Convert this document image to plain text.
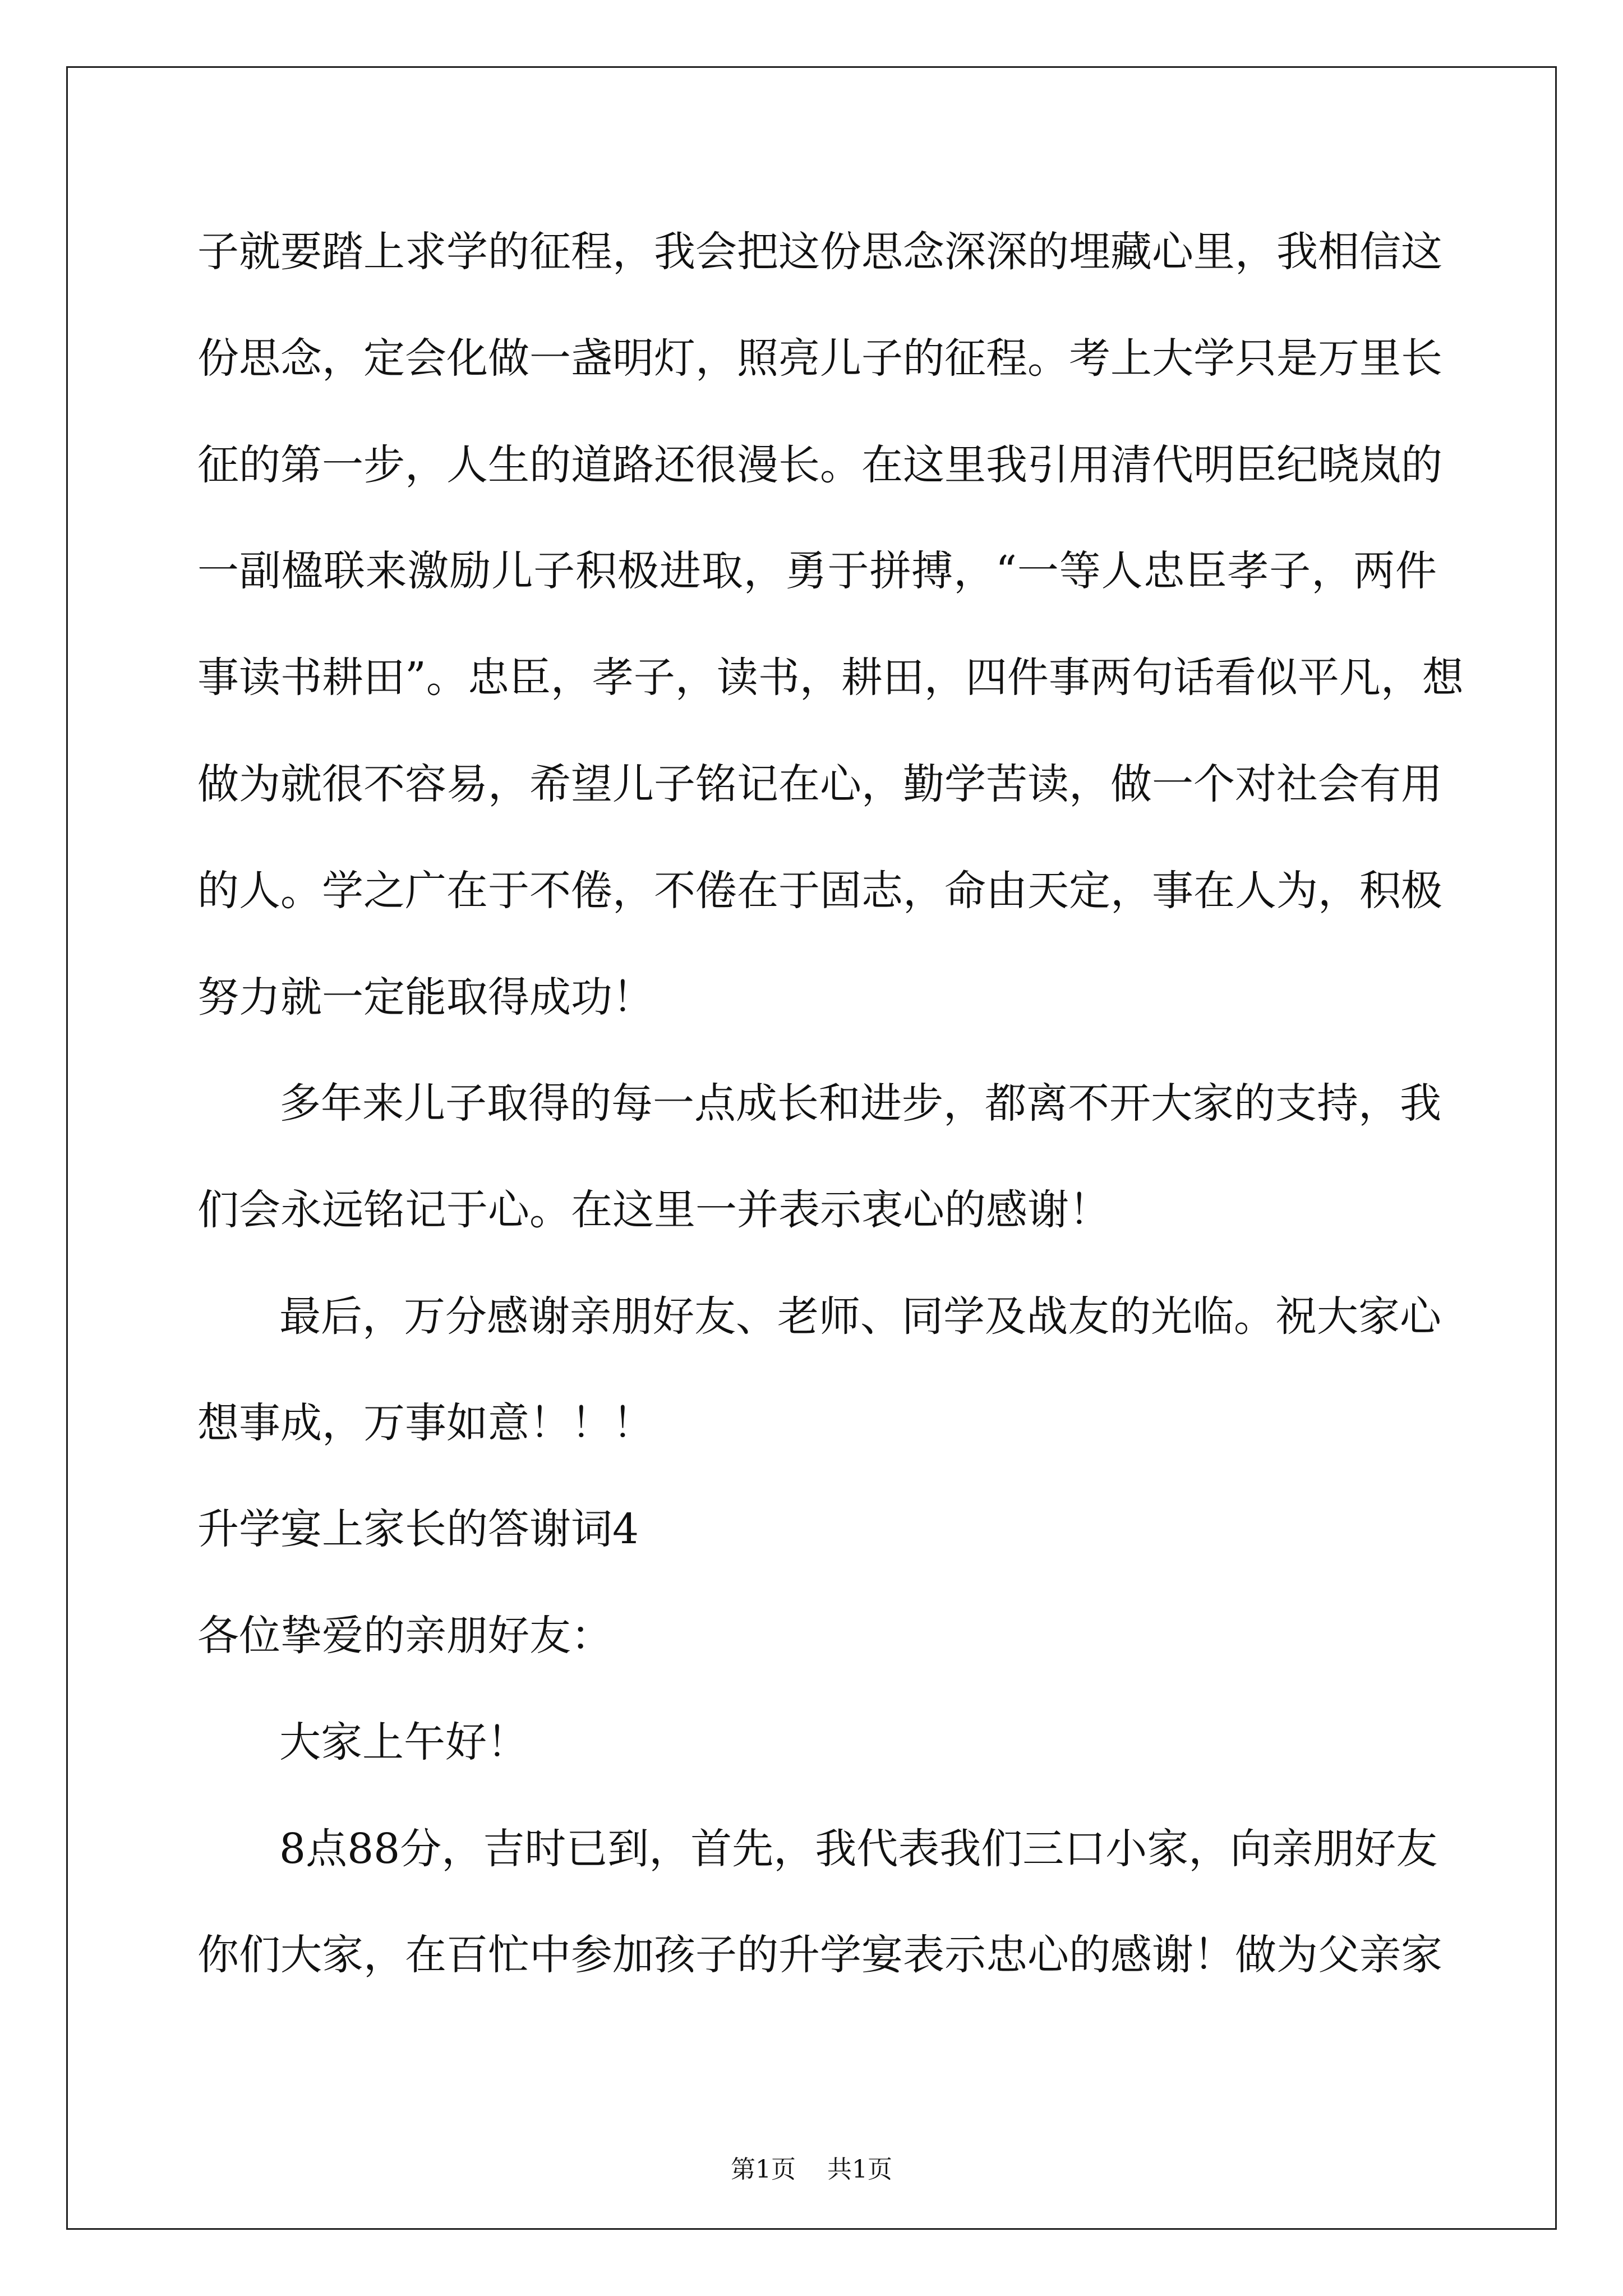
子就要踏上求学的征程，我会把这份思念深深的埋藏心里，我相信这
份思念，定会化做一盏明灯，照亮儿子的征程。考上大学只是万里长
征的第一步，人生的道路还很漫长。在这里我引用清代明臣纪晓岚的
一副楹联来激励儿子积极进取，勇于拼搏，“一等人忠臣孝子，两件
事读书耕田”。忠臣，孝子，读书，耕田，四件事两句话看似平凡，想
做为就很不容易，希望儿子铭记在心，勤学苦读，做一个对社会有用
的人。学之广在于不倦，不倦在于固志，命由天定，事在人为，积极
努力就一定能取得成功！
多年来儿子取得的每一点成长和进步，都离不开大家的支持，我
们会永远铭记于心。在这里一并表示衷心的感谢！
最后，万分感谢亲朋好友、老师、同学及战友的光临。祝大家心
想事成，万事如意！！！
升学宴上家长的答谢词4
各位挚爱的亲朋好友：
大家上午好！
8点88分，吉时已到，首先，我代表我们三口小家，向亲朋好友
你们大家，在百忙中参加孩子的升学宴表示忠心的感谢！做为父亲家
第1页 共1页
